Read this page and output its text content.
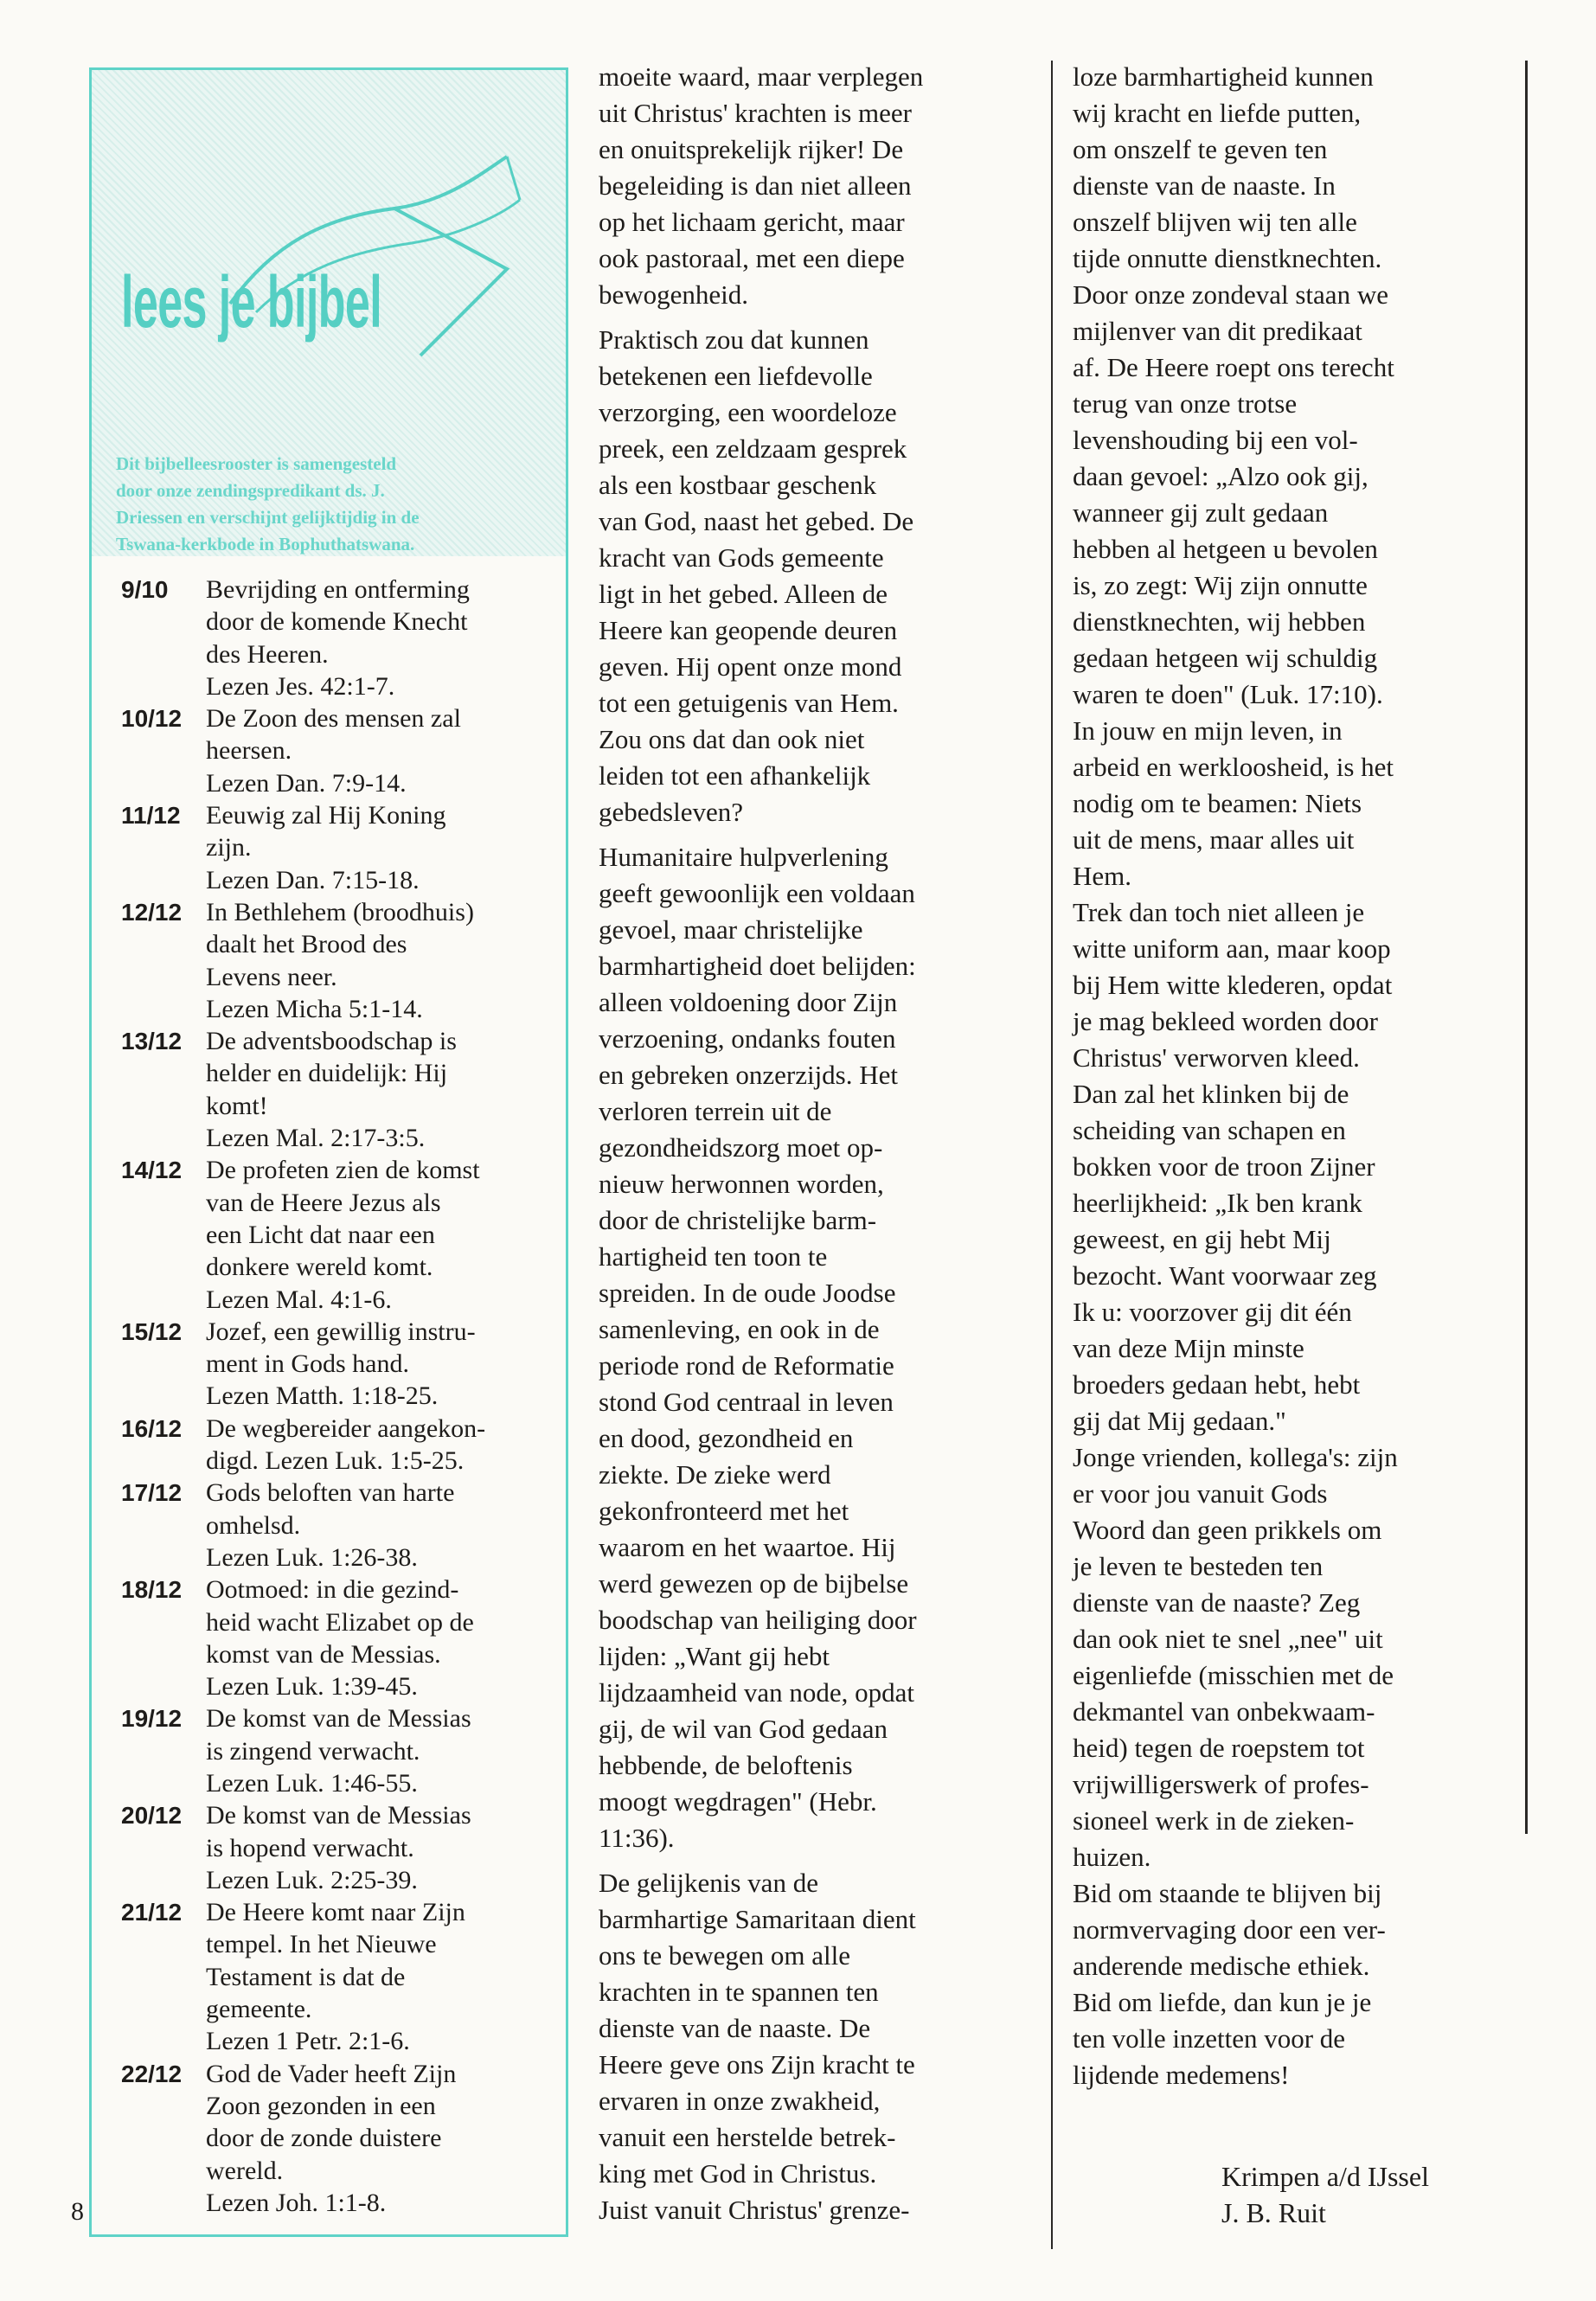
lees je bijbel
Dit bijbelleesrooster is samengesteld
door onze zendingspredikant ds. J.
Driessen en verschijnt gelijktijdig in de
Tswana-kerkbode in Bophuthatswana.
9/10	Bevrijding en ontferming
door de komende Knecht
des Heeren.
Lezen Jes. 42:1-7.
10/12 De Zoon des mensen zal
heersen.
Lezen Dan. 7:9-14.
11/12 Eeuwig zal Hij Koning
zijn.
Lezen Dan. 7:15-18.
12/12 In Bethlehem (broodhuis)
daalt het Brood des
Levens neer.
Lezen Micha 5:1-14.
13/12 De adventsboodschap is
helder en duidelijk: Hij
komt!
Lezen Mal. 2:17-3:5.
14/12 De profeten zien de komst
van de Heere Jezus als
een Licht dat naar een
donkere wereld komt.
Lezen Mal. 4:1-6.
15/12 Jozef, een gewillig instru-
ment in Gods hand.
Lezen Matth. 1:18-25.
16/12 De wegbereider aangekon-
digd. Lezen Luk. 1:5-25.
17/12 Gods beloften van harte
omhelsd.
Lezen Luk. 1:26-38.
18/12 Ootmoed: in die gezind-
heid wacht Elizabet op de
komst van de Messias.
Lezen Luk. 1:39-45.
19/12 De komst van de Messias
is zingend verwacht.
Lezen Luk. 1:46-55.
20/12 De komst van de Messias
is hopend verwacht.
Lezen Luk. 2:25-39.
21/12 De Heere komt naar Zijn
tempel. In het Nieuwe
Testament is dat de
gemeente.
Lezen 1 Petr. 2:1-6.
22/12 God de Vader heeft Zijn
Zoon gezonden in een
door de zonde duistere
wereld.
Lezen Joh. 1:1-8.
moeite waard, maar verplegen
uit Christus' krachten is meer
en onuitsprekelijk rijker! De
begeleiding is dan niet alleen
op het lichaam gericht, maar
ook pastoraal, met een diepe
bewogenheid.
Praktisch zou dat kunnen
betekenen een liefdevolle
verzorging, een woordeloze
preek, een zeldzaam gesprek
als een kostbaar geschenk
van God, naast het gebed. De
kracht van Gods gemeente
ligt in het gebed. Alleen de
Heere kan geopende deuren
geven. Hij opent onze mond
tot een getuigenis van Hem.
Zou ons dat dan ook niet
leiden tot een afhankelijk
gebedsleven?
Humanitaire hulpverlening
geeft gewoonlijk een voldaan
gevoel, maar christelijke
barmhartigheid doet belijden:
alleen voldoening door Zijn
verzoening, ondanks fouten
en gebreken onzerzijds. Het
verloren terrein uit de
gezondheidszorg moet op-
nieuw herwonnen worden,
door de christelijke barm-
hartigheid ten toon te
spreiden. In de oude Joodse
samenleving, en ook in de
periode rond de Reformatie
stond God centraal in leven
en dood, gezondheid en
ziekte. De zieke werd
gekonfronteerd met het
waarom en het waartoe. Hij
werd gewezen op de bijbelse
boodschap van heiliging door
lijden: „Want gij hebt
lijdzaamheid van node, opdat
gij, de wil van God gedaan
hebbende, de beloftenis
moogt wegdragen" (Hebr.
11:36).
De gelijkenis van de
barmhartige Samaritaan dient
ons te bewegen om alle
krachten in te spannen ten
dienste van de naaste. De
Heere geve ons Zijn kracht te
ervaren in onze zwakheid,
vanuit een herstelde betrek-
king met God in Christus.
Juist vanuit Christus' grenze-
loze barmhartigheid kunnen
wij kracht en liefde putten,
om onszelf te geven ten
dienste van de naaste. In
onszelf blijven wij ten alle
tijde onnutte dienstknechten.
Door onze zondeval staan we
mijlenver van dit predikaat
af. De Heere roept ons terecht
terug van onze trotse
levenshouding bij een vol-
daan gevoel: „Alzo ook gij,
wanneer gij zult gedaan
hebben al hetgeen u bevolen
is, zo zegt: Wij zijn onnutte
dienstknechten, wij hebben
gedaan hetgeen wij schuldig
waren te doen" (Luk. 17:10).
In jouw en mijn leven, in
arbeid en werkloosheid, is het
nodig om te beamen: Niets
uit de mens, maar alles uit
Hem.
Trek dan toch niet alleen je
witte uniform aan, maar koop
bij Hem witte klederen, opdat
je mag bekleed worden door
Christus' verworven kleed.
Dan zal het klinken bij de
scheiding van schapen en
bokken voor de troon Zijner
heerlijkheid: „Ik ben krank
geweest, en gij hebt Mij
bezocht. Want voorwaar zeg
Ik u: voorzover gij dit één
van deze Mijn minste
broeders gedaan hebt, hebt
gij dat Mij gedaan."
Jonge vrienden, kollega's: zijn
er voor jou vanuit Gods
Woord dan geen prikkels om
je leven te besteden ten
dienste van de naaste? Zeg
dan ook niet te snel „nee" uit
eigenliefde (misschien met de
dekmantel van onbekwaam-
heid) tegen de roepstem tot
vrijwilligerswerk of profes-
sioneel werk in de zieken-
huizen.
Bid om staande te blijven bij
normvervaging door een ver-
anderende medische ethiek.
Bid om liefde, dan kun je je
ten volle inzetten voor de
lijdende medemens!
8
Krimpen a/d IJssel
J. B. Ruit
